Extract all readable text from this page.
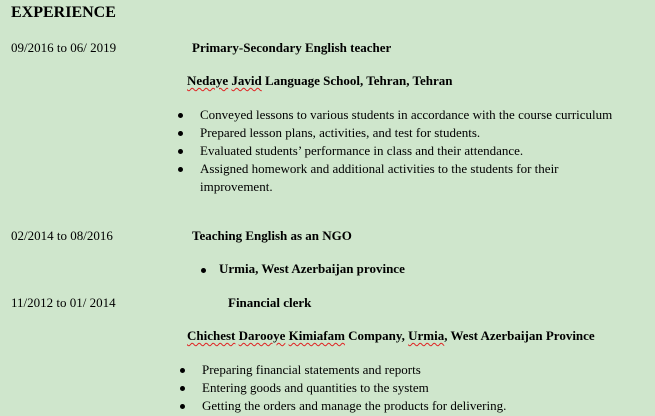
EXPERIENCE
09/2016 to 06/ 2019	Primary-Secondary English teacher
Nedaye Javid Language School, Tehran, Tehran
Conveyed lessons to various students in accordance with the course curriculum
Prepared lesson plans, activities, and test for students.
Evaluated students’ performance in class and their attendance.
Assigned homework and additional activities to the students for their improvement.
02/2014 to 08/2016	Teaching English as an NGO
Urmia, West Azerbaijan province
11/2012 to 01/ 2014	Financial clerk
Chichest Darooye Kimiafam Company, Urmia, West Azerbaijan Province
Preparing financial statements and reports
Entering goods and quantities to the system
Getting the orders and manage the products for delivering.
